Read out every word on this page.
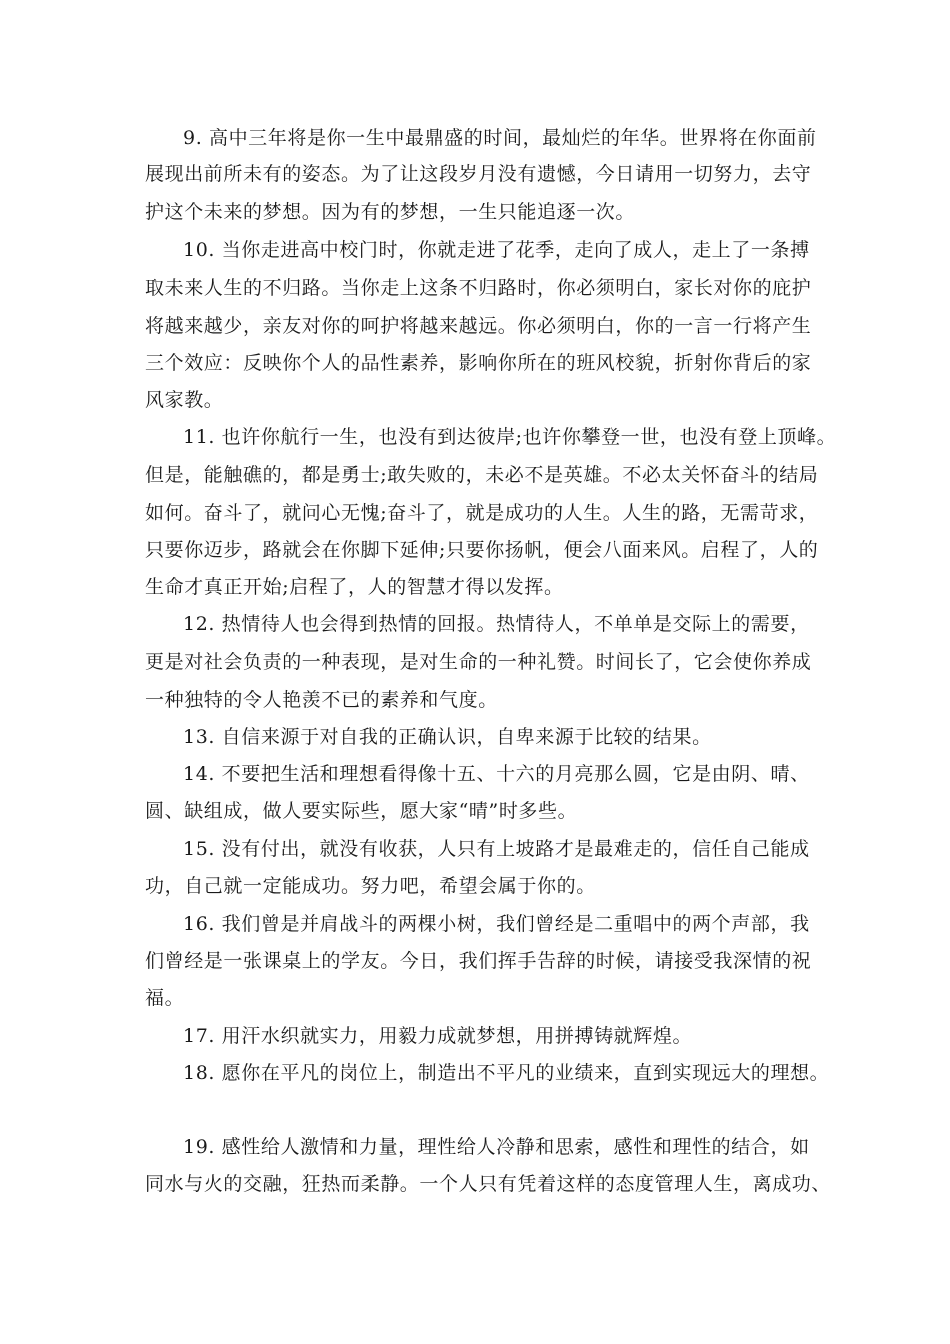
9. 高中三年将是你一生中最鼎盛的时间，最灿烂的年华。世界将在你面前
展现出前所未有的姿态。为了让这段岁月没有遗憾，今日请用一切努力，去守
护这个未来的梦想。因为有的梦想，一生只能追逐一次。
10. 当你走进高中校门时，你就走进了花季，走向了成人，走上了一条搏
取未来人生的不归路。当你走上这条不归路时，你必须明白，家长对你的庇护
将越来越少，亲友对你的呵护将越来越远。你必须明白，你的一言一行将产生
三个效应：反映你个人的品性素养，影响你所在的班风校貌，折射你背后的家
风家教。
11. 也许你航行一生，也没有到达彼岸;也许你攀登一世，也没有登上顶峰。
但是，能触礁的，都是勇士;敢失败的，未必不是英雄。不必太关怀奋斗的结局
如何。奋斗了，就问心无愧;奋斗了，就是成功的人生。人生的路，无需苛求，
只要你迈步，路就会在你脚下延伸;只要你扬帆，便会八面来风。启程了，人的
生命才真正开始;启程了，人的智慧才得以发挥。
12. 热情待人也会得到热情的回报。热情待人，不单单是交际上的需要，
更是对社会负责的一种表现，是对生命的一种礼赞。时间长了，它会使你养成
一种独特的令人艳羡不已的素养和气度。
13. 自信来源于对自我的正确认识，自卑来源于比较的结果。
14. 不要把生活和理想看得像十五、十六的月亮那么圆，它是由阴、晴、
圆、缺组成，做人要实际些，愿大家“晴”时多些。
15. 没有付出，就没有收获，人只有上坡路才是最难走的，信任自己能成
功，自己就一定能成功。努力吧，希望会属于你的。
16. 我们曾是并肩战斗的两棵小树，我们曾经是二重唱中的两个声部，我
们曾经是一张课桌上的学友。今日，我们挥手告辞的时候，请接受我深情的祝
福。
17. 用汗水织就实力，用毅力成就梦想，用拼搏铸就辉煌。
18. 愿你在平凡的岗位上，制造出不平凡的业绩来，直到实现远大的理想。
19. 感性给人激情和力量，理性给人冷静和思索，感性和理性的结合，如
同水与火的交融，狂热而柔静。一个人只有凭着这样的态度管理人生，离成功、
